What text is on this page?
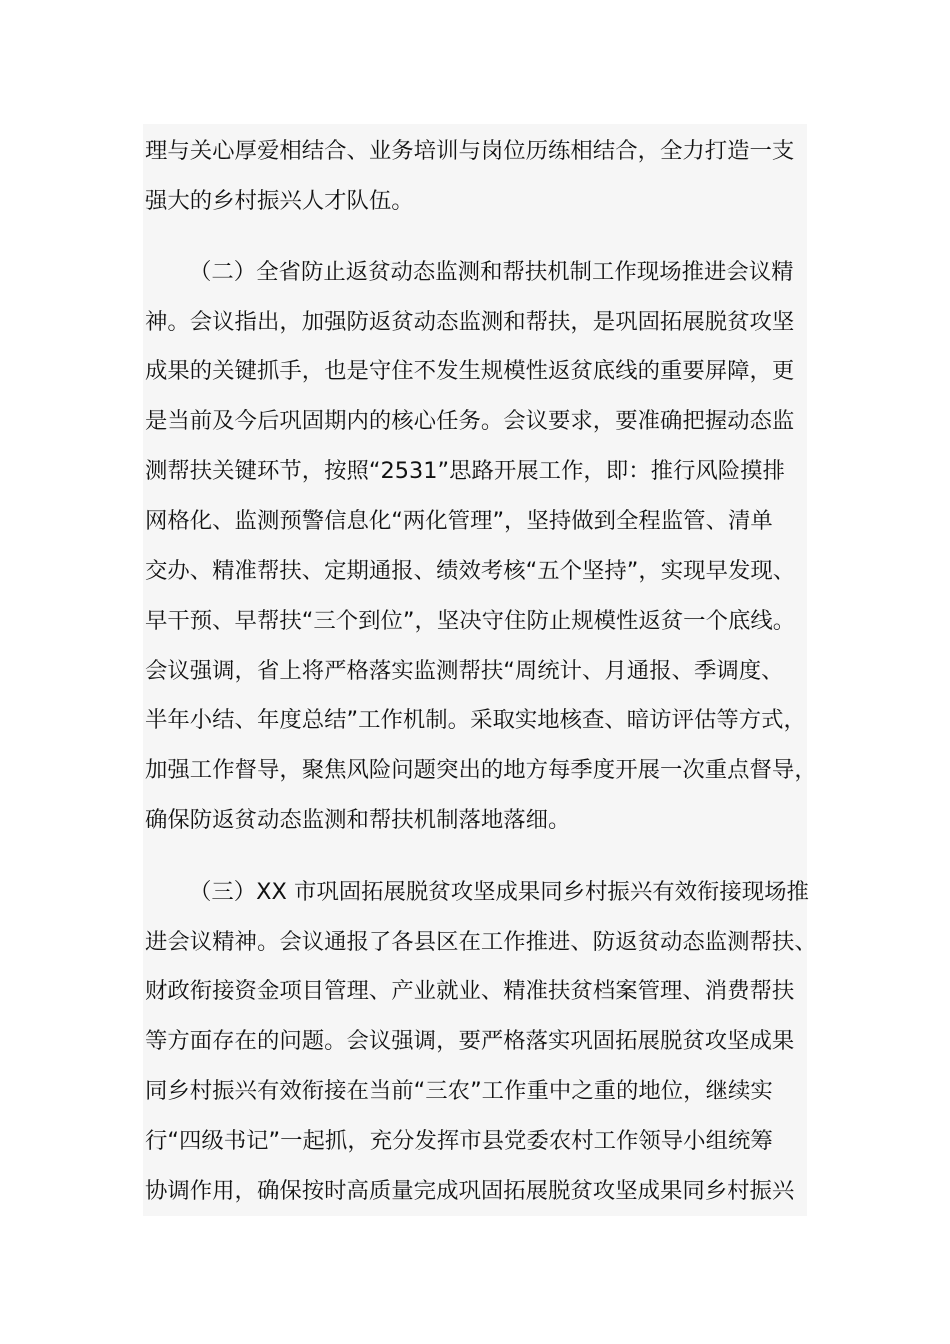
理与关心厚爱相结合、业务培训与岗位历练相结合，全力打造一支
强大的乡村振兴人才队伍。
（二）全省防止返贫动态监测和帮扶机制工作现场推进会议精
神。会议指出，加强防返贫动态监测和帮扶，是巩固拓展脱贫攻坚
成果的关键抓手，也是守住不发生规模性返贫底线的重要屏障，更
是当前及今后巩固期内的核心任务。会议要求，要准确把握动态监
测帮扶关键环节，按照“2531”思路开展工作，即：推行风险摸排
网格化、监测预警信息化“两化管理”，坚持做到全程监管、清单
交办、精准帮扶、定期通报、绩效考核“五个坚持”，实现早发现、
早干预、早帮扶“三个到位”，坚决守住防止规模性返贫一个底线。
会议强调，省上将严格落实监测帮扶“周统计、月通报、季调度、
半年小结、年度总结”工作机制。采取实地核查、暗访评估等方式，
加强工作督导，聚焦风险问题突出的地方每季度开展一次重点督导，
确保防返贫动态监测和帮扶机制落地落细。
（三）XX 市巩固拓展脱贫攻坚成果同乡村振兴有效衔接现场推
进会议精神。会议通报了各县区在工作推进、防返贫动态监测帮扶、
财政衔接资金项目管理、产业就业、精准扶贫档案管理、消费帮扶
等方面存在的问题。会议强调，要严格落实巩固拓展脱贫攻坚成果
同乡村振兴有效衔接在当前“三农”工作重中之重的地位，继续实
行“四级书记”一起抓，充分发挥市县党委农村工作领导小组统筹
协调作用，确保按时高质量完成巩固拓展脱贫攻坚成果同乡村振兴
